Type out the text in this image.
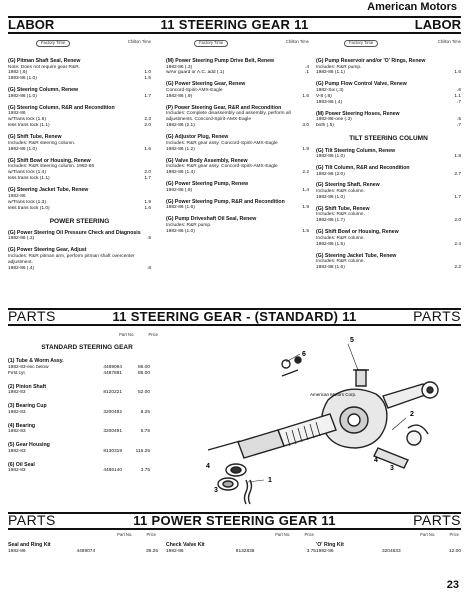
American Motors
LABOR	11 STEERING GEAR 11	LABOR
Factory Time	Chilton Time
(G) Pitman Shaft Seal, Renew
Note: Does not require gear R&R.
1982 (.6)	1.0
1983-86 (1.0)	1.5
(G) Steering Column, Renew
1982-86 (1.0)	1.7
(G) Steering Column, R&R and Recondition
1982-86
w/Trans lock (1.6)	2.3
less trans lock (1.1)	2.0
(G) Shift Tube, Renew
Includes: R&R steering column.
1982-86 (1.0)	1.6
(G) Shift Bowl or Housing, Renew
Includes: R&R steering column. 1982-86
w/Trans lock (1.4)	2.0
less trans lock (1.1)	1.7
(G) Steering Jacket Tube, Renew
1982-86
w/Trans lock (1.3)	1.9
less trans lock (1.0)	1.6
POWER STEERING
(G) Power Steering Oil Pressure Check and Diagnosis
1982-86 (.2)	.5
(G) Power Steering Gear, Adjust
Includes: R&R pitman arm, perform pitman shaft overcenter adjustment.
1982-86 (.4)	.8
Factory Time	Chilton Time
(M) Power Steering Pump Drive Belt, Renew
1982-86 (.3)	.4
w/Air guard or A.C. add (.1)	.1
(G) Power Steering Gear, Renew
Concord-Spirit-AMX-Eagle
1982-86 (.9)	1.6
(P) Power Steering Gear, R&R and Recondition
Includes: Complete disassembly and assembly, perform all adjustments. Concord-Spirit-AMX-Eagle
1982-86 (2.1)	3.0
(G) Adjustor Plug, Renew
Includes: R&R gear assy. Concord-Spirit-AMX-Eagle
1982-86 (1.2)	1.9
(G) Valve Body Assembly, Renew
Includes: R&R gear assy. Concord-Spirit-AMX-Eagle
1982-86 (1.4)	2.2
(G) Power Steering Pump, Renew
1982-86 (.9)	1.4
(G) Power Steering Pump, R&R and Recondition
1982-86 (1.6)	1.9
(G) Pump Driveshaft Oil Seal, Renew
Includes: R&R pump.
1982-86 (1.0)	1.5
Factory Time	Chilton Time
(G) Pump Reservoir and/or 'O' Rings, Renew
Includes: R&R pump.
1982-86 (1.1)	1.6
(G) Pump Flow Control Valve, Renew
1982-Six (.3)	.6
V-8 (.8)	1.1
1983-86 (.4)	.7
(M) Power Steering Hoses, Renew
1982-86-one (.3)	.5
both (.5)	.7
TILT STEERING COLUMN
(G) Tilt Steering Column, Renew
1982-86 (1.0)	1.8
(G) Tilt Column, R&R and Recondition
1982-86 (2.0)	2.7
(G) Steering Shaft, Renew
Includes: R&R column.
1982-86 (1.0)	1.7
(G) Shift Tube, Renew
Includes: R&R column.
1982-86 (1.7)	2.0
(G) Shift Bowl or Housing, Renew
Includes: R&R column.
1982-86 (1.5)	2.4
(G) Steering Jacket Tube, Renew
Includes: R&R column.
1982-86 (1.6)	2.2
PARTS	11 STEERING GEAR - (STANDARD) 11	PARTS
Part No.	Price
STANDARD STEERING GEAR
(1) Tube & Worm Assy.
1982-83-exc below	4489094	86.00
First cyl.	4487881	86.00
(2) Pinion Shaft
1982-83	8120221	52.00
(3) Bearing Cup
1982-83	3200492	8.25
(4) Bearing
1982-83	3200491	5.75
(5) Gear Housing
1982-83	8130319	115.25
(6) Oil Seal
1982-83	4486140	3.75
5
6
1
2
3
4
4
3
American Motors Corp.
PARTS	11 POWER STEERING GEAR 11	PARTS
Part No.	Price
Seal and Ring Kit
1982-86	4489074	39.25
Part No.	Price
Check Valve Kit
1982-86	8132838	3.75
Part No.	Price
'O' Ring Kit
1982-86	3204633	12.00
23
